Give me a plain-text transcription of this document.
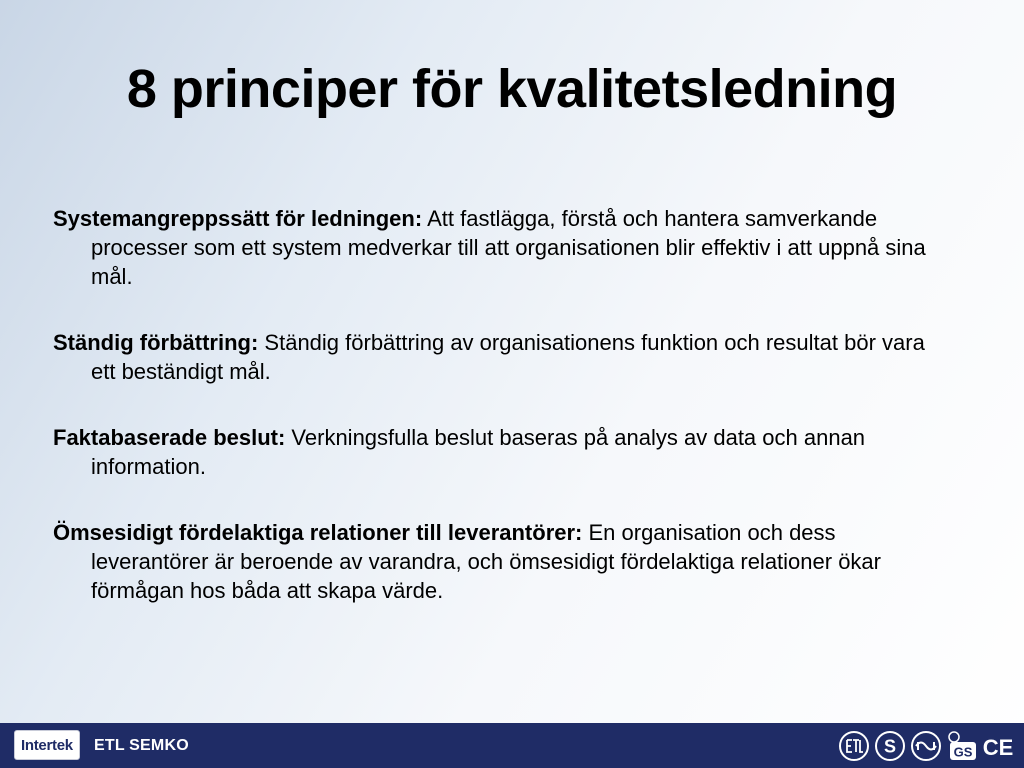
8 principer för kvalitetsledning

Systemangreppssätt för ledningen: Att fastlägga, förstå och hantera samverkande processer som ett system medverkar till att organisationen blir effektiv i att uppnå sina mål.

Ständig förbättring: Ständig förbättring av organisationens funktion och resultat bör vara ett beständigt mål.

Faktabaserade beslut: Verkningsfulla beslut baseras på analys av data och annan information.

Ömsesidigt fördelaktiga relationer till leverantörer: En organisation och dess leverantörer är beroende av varandra, och ömsesidigt fördelaktiga relationer ökar förmågan hos båda att skapa värde.

Intertek	ETL SEMKO	S	GS CE
